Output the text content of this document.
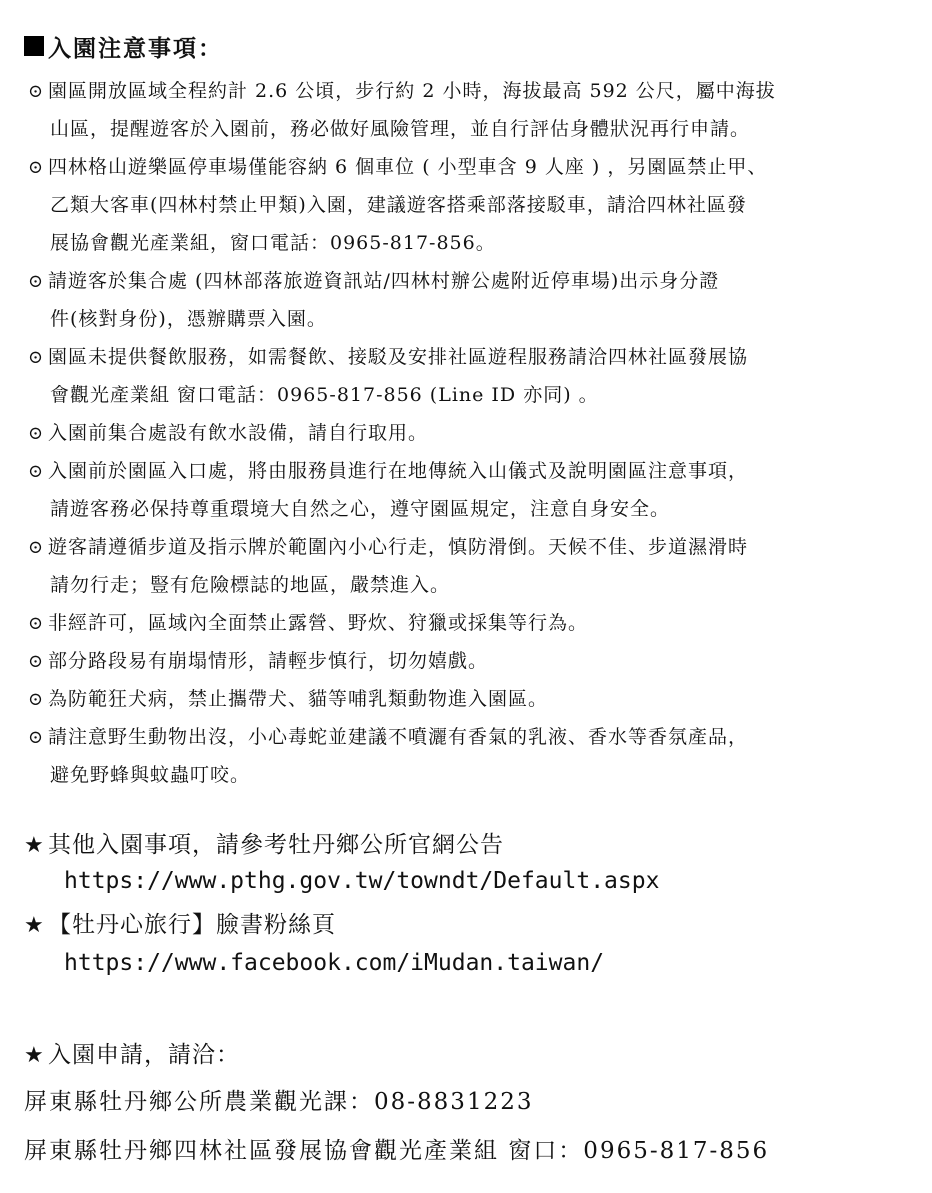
入園注意事項：
⊙ 園區開放區域全程約計 2.6 公頃，步行約 2 小時，海拔最高 592 公尺，屬中海拔
山區，提醒遊客於入園前，務必做好風險管理，並自行評估身體狀況再行申請。
⊙ 四林格山遊樂區停車場僅能容納 6 個車位 ( 小型車含 9 人座 ) ，另園區禁止甲、
乙類大客車(四林村禁止甲類)入園，建議遊客搭乘部落接駁車，請洽四林社區發
展協會觀光產業組，窗口電話：0965-817-856。
⊙ 請遊客於集合處 (四林部落旅遊資訊站/四林村辦公處附近停車場)出示身分證
件(核對身份)，憑辦購票入園。
⊙ 園區未提供餐飲服務，如需餐飲、接駁及安排社區遊程服務請洽四林社區發展協
會觀光產業組 窗口電話：0965-817-856 (Line ID 亦同) 。
⊙ 入園前集合處設有飲水設備，請自行取用。
⊙ 入園前於園區入口處，將由服務員進行在地傳統入山儀式及說明園區注意事項，
請遊客務必保持尊重環境大自然之心，遵守園區規定，注意自身安全。
⊙ 遊客請遵循步道及指示牌於範圍內小心行走，慎防滑倒。天候不佳、步道濕滑時
請勿行走；豎有危險標誌的地區，嚴禁進入。
⊙ 非經許可，區域內全面禁止露營、野炊、狩獵或採集等行為。
⊙ 部分路段易有崩塌情形，請輕步慎行，切勿嬉戲。
⊙ 為防範狂犬病，禁止攜帶犬、貓等哺乳類動物進入園區。
⊙ 請注意野生動物出沒，小心毒蛇並建議不噴灑有香氣的乳液、香水等香氛產品，
避免野蜂與蚊蟲叮咬。
★ 其他入園事項，請參考牡丹鄉公所官網公告
https://www.pthg.gov.tw/towndt/Default.aspx
★ 【牡丹心旅行】臉書粉絲頁
https://www.facebook.com/iMudan.taiwan/
★ 入園申請，請洽：
屏東縣牡丹鄉公所農業觀光課：08-8831223
屏東縣牡丹鄉四林社區發展協會觀光產業組 窗口：0965-817-856
